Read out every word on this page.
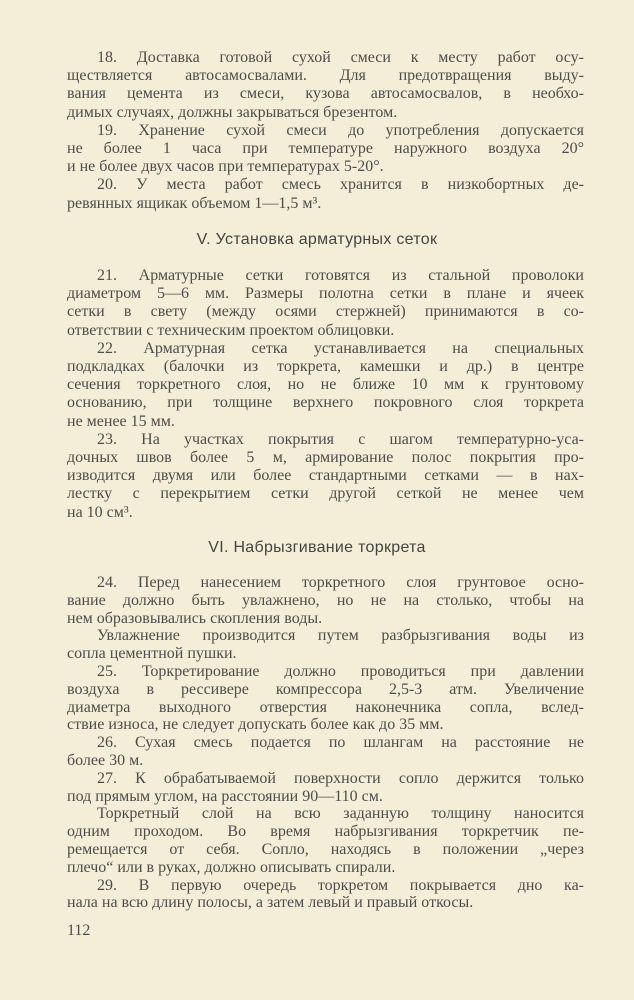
18. Доставка готовой сухой смеси к месту работ осу-
ществляется автосамосвалами. Для предотвращения выду-
вания цемента из смеси, кузова автосамосвалов, в необхо-
димых случаях, должны закрываться брезентом.
19. Хранение сухой смеси до употребления допускается
не более 1 часа при температуре наружного воздуха 20°
и не более двух часов при температурах 5-20°.
20. У места работ смесь хранится в низкобортных де-
ревянных ящикак объемом 1—1,5 м³.
V. Установка арматурных сеток
21. Арматурные сетки готовятся из стальной проволоки
диаметром 5—6 мм. Размеры полотна сетки в плане и ячеек
сетки в свету (между осями стержней) принимаются в со-
ответствии с техническим проектом облицовки.
22. Арматурная сетка устанавливается на специальных
подкладках (балочки из торкрета, камешки и др.) в центре
сечения торкретного слоя, но не ближе 10 мм к грунтовому
основанию, при толщине верхнего покровного слоя торкрета
не менее 15 мм.
23. На участках покрытия с шагом температурно-уса-
дочных швов более 5 м, армирование полос покрытия про-
изводится двумя или более стандартными сетками — в нах-
лестку с перекрытием сетки другой сеткой не менее чем
на 10 см³.
VI. Набрызгивание торкрета
24. Перед нанесением торкретного слоя грунтовое осно-
вание должно быть увлажнено, но не на столько, чтобы на
нем образовывались скопления воды.
Увлажнение производится путем разбрызгивания воды из
сопла цементной пушки.
25. Торкретирование должно проводиться при давлении
воздуха в рессивере компрессора 2,5-3 атм. Увеличение
диаметра выходного отверстия наконечника сопла, вслед-
ствие износа, не следует допускать более как до 35 мм.
26. Сухая смесь подается по шлангам на расстояние не
более 30 м.
27. К обрабатываемой поверхности сопло держится только
под прямым углом, на расстоянии 90—110 см.
Торкретный слой на всю заданную толщину наносится
одним проходом. Во время набрызгивания торкретчик пе-
ремещается от себя. Сопло, находясь в положении „через
плечо“ или в руках, должно описывать спирали.
29. В первую очередь торкретом покрывается дно ка-
нала на всю длину полосы, а затем левый и правый откосы.
112
